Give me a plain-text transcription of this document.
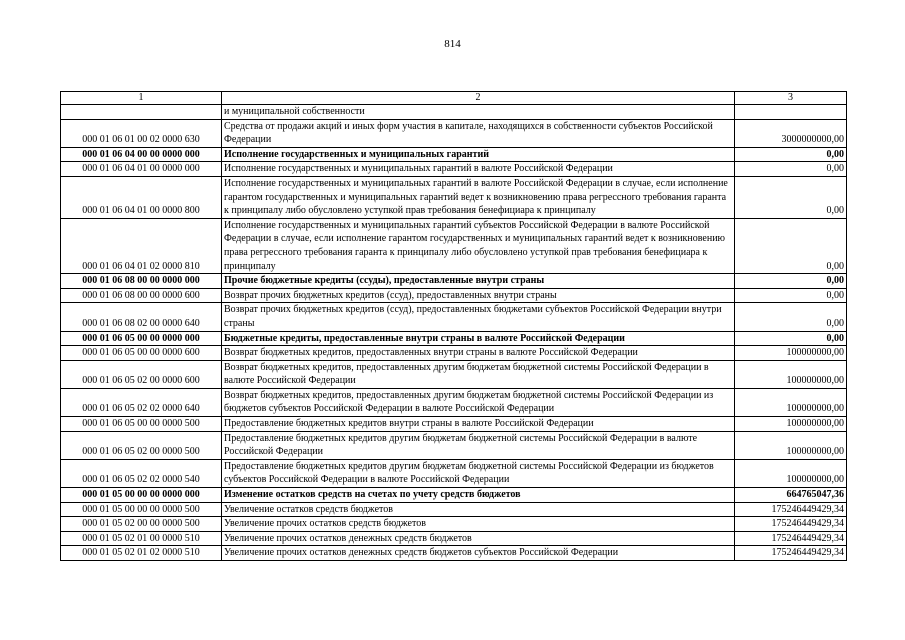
814
1	2	3
	и муниципальной собственности	
000 01 06 01 00 02 0000 630	Средства от продажи акций и иных форм участия в капитале, находящихся в собственности субъектов Российской Федерации	3000000000,00
000 01 06 04 00 00 0000 000	Исполнение государственных и муниципальных гарантий	0,00
000 01 06 04 01 00 0000 000	Исполнение государственных и муниципальных гарантий в валюте Российской Федерации	0,00
000 01 06 04 01 00 0000 800	Исполнение государственных и муниципальных гарантий в валюте Российской Федерации в случае, если исполнение гарантом государственных и муниципальных гарантий ведет к возникновению права регрессного требования гаранта к принципалу либо обусловлено уступкой прав требования бенефициара к принципалу	0,00
000 01 06 04 01 02 0000 810	Исполнение государственных и муниципальных гарантий субъектов Российской Федерации в валюте Российской Федерации в случае, если исполнение гарантом государственных и муниципальных гарантий ведет к возникновению права регрессного требования гаранта к принципалу либо обусловлено уступкой прав требования бенефициара к принципалу	0,00
000 01 06 08 00 00 0000 000	Прочие бюджетные кредиты (ссуды), предоставленные внутри страны	0,00
000 01 06 08 00 00 0000 600	Возврат прочих бюджетных кредитов (ссуд), предоставленных внутри страны	0,00
000 01 06 08 02 00 0000 640	Возврат прочих бюджетных кредитов (ссуд), предоставленных бюджетами субъектов Российской Федерации внутри страны	0,00
000 01 06 05 00 00 0000 000	Бюджетные кредиты, предоставленные внутри страны в валюте Российской Федерации	0,00
000 01 06 05 00 00 0000 600	Возврат бюджетных кредитов, предоставленных внутри страны в валюте Российской Федерации	100000000,00
000 01 06 05 02 00 0000 600	Возврат бюджетных кредитов, предоставленных другим бюджетам бюджетной системы Российской Федерации в валюте Российской Федерации	100000000,00
000 01 06 05 02 02 0000 640	Возврат бюджетных кредитов, предоставленных другим бюджетам бюджетной системы Российской Федерации из бюджетов субъектов Российской Федерации в валюте Российской Федерации	100000000,00
000 01 06 05 00 00 0000 500	Предоставление бюджетных кредитов внутри страны в валюте Российской Федерации	100000000,00
000 01 06 05 02 00 0000 500	Предоставление бюджетных кредитов другим бюджетам бюджетной системы Российской Федерации в валюте Российской Федерации	100000000,00
000 01 06 05 02 02 0000 540	Предоставление бюджетных кредитов другим бюджетам бюджетной системы Российской Федерации из бюджетов субъектов Российской Федерации в валюте Российской Федерации	100000000,00
000 01 05 00 00 00 0000 000	Изменение остатков средств на счетах по учету средств бюджетов	664765047,36
000 01 05 00 00 00 0000 500	Увеличение остатков средств бюджетов	175246449429,34
000 01 05 02 00 00 0000 500	Увеличение прочих остатков средств бюджетов	175246449429,34
000 01 05 02 01 00 0000 510	Увеличение прочих остатков денежных средств бюджетов	175246449429,34
000 01 05 02 01 02 0000 510	Увеличение прочих остатков денежных средств бюджетов субъектов Российской Федерации	175246449429,34
